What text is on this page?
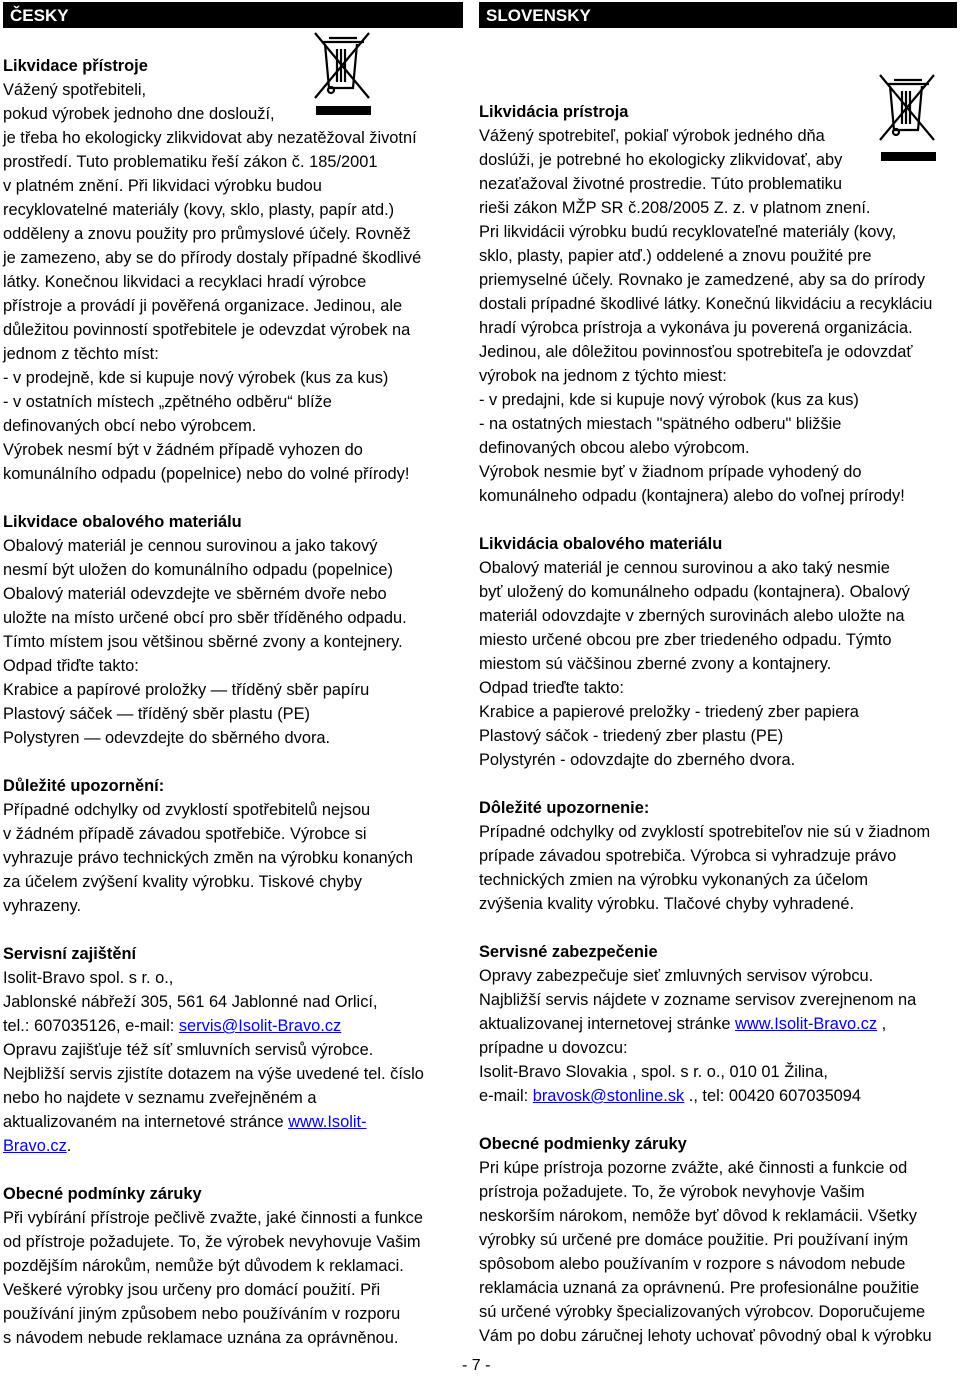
ČESKY
Likvidace přístroje
Vážený spotřebiteli,
pokud výrobek jednoho dne doslouží,
je třeba ho ekologicky zlikvidovat aby nezatěžoval životní
prostředí. Tuto problematiku řeší zákon č. 185/2001
v platném znění. Při likvidaci výrobku budou
recyklovatelné materiály (kovy, sklo, plasty, papír atd.)
odděleny a znovu použity pro průmyslové účely. Rovněž
je zamezeno, aby se do přírody dostaly případné škodlivé
látky. Konečnou likvidaci a recyklaci hradí výrobce
přístroje a provádí ji pověřená organizace. Jedinou, ale
důležitou povinností spotřebitele je odevzdat výrobek na
jednom z těchto míst:
- v prodejně, kde si kupuje nový výrobek (kus za kus)
- v ostatních místech „zpětného odběru“ blíže
definovaných obcí nebo výrobcem.
Výrobek nesmí být v žádném případě vyhozen do
komunálního odpadu (popelnice) nebo do volné přírody!
Likvidace obalového materiálu
Obalový materiál je cennou surovinou a jako takový
nesmí být uložen do komunálního odpadu (popelnice)
Obalový materiál odevzdejte ve sběrném dvoře nebo
uložte na místo určené obcí pro sběr tříděného odpadu.
Tímto místem jsou většinou sběrné zvony a kontejnery.
Odpad třiďte takto:
Krabice a papírové proložky — tříděný sběr papíru
Plastový sáček — tříděný sběr plastu (PE)
Polystyren — odevzdejte do sběrného dvora.
Důležité upozornění:
Případné odchylky od zvyklostí spotřebitelů nejsou
v žádném případě závadou spotřebiče. Výrobce si
vyhrazuje právo technických změn na výrobku konaných
za účelem zvýšení kvality výrobku. Tiskové chyby
vyhrazeny.
Servisní zajištění
Isolit-Bravo spol. s r. o.,
Jablonské nábřeží 305, 561 64 Jablonné nad Orlicí,
tel.: 607035126, e-mail: servis@Isolit-Bravo.cz
Opravu zajišťuje též síť smluvních servisů výrobce.
Nejbližší servis zjistíte dotazem na výše uvedené tel. číslo
nebo ho najdete v seznamu zveřejněném a
aktualizovaném na internetové stránce www.Isolit-
Bravo.cz.
Obecné podmínky záruky
Při vybírání přístroje pečlivě zvažte, jaké činnosti a funkce
od přístroje požadujete. To, že výrobek nevyhovuje Vašim
pozdějším nárokům, nemůže být důvodem k reklamaci.
Veškeré výrobky jsou určeny pro domácí použití. Při
používání jiným způsobem nebo používáním v rozporu
s návodem nebude reklamace uznána za oprávněnou.
SLOVENSKY
Likvidácia prístroja
Vážený spotrebiteľ, pokiaľ výrobok jedného dňa
doslúži, je potrebné ho ekologicky zlikvidovať, aby
nezaťažoval životné prostredie. Túto problematiku
rieši zákon MŽP SR č.208/2005 Z. z. v platnom znení.
Pri likvidácii výrobku budú recyklovateľné materiály (kovy,
sklo, plasty, papier atď.) oddelené a znovu použité pre
priemyselné účely. Rovnako je zamedzené, aby sa do prírody
dostali prípadné škodlivé látky. Konečnú likvidáciu a recykláciu
hradí výrobca prístroja a vykonáva ju poverená organizácia.
Jedinou, ale dôležitou povinnosťou spotrebiteľa je odovzdať
výrobok na jednom z týchto miest:
- v predajni, kde si kupuje nový výrobok (kus za kus)
- na ostatných miestach "spätného odberu" bližšie
definovaných obcou alebo výrobcom.
Výrobok nesmie byť v žiadnom prípade vyhodený do
komunálneho odpadu (kontajnera) alebo do voľnej prírody!
Likvidácia obalového materiálu
Obalový materiál je cennou surovinou a ako taký nesmie
byť uložený do komunálneho odpadu (kontajnera). Obalový
materiál odovzdajte v zberných surovinách alebo uložte na
miesto určené obcou pre zber triedeného odpadu. Týmto
miestom sú väčšinou zberné zvony a kontajnery.
Odpad trieďte takto:
Krabice a papierové preložky - triedený zber papiera
Plastový sáčok - triedený zber plastu (PE)
Polystyrén - odovzdajte do zberného dvora.
Dôležité upozornenie:
Prípadné odchylky od zvyklostí spotrebiteľov nie sú v žiadnom
prípade závadou spotrebiča. Výrobca si vyhradzuje právo
technických zmien na výrobku vykonaných za účelom
zvýšenia kvality výrobku. Tlačové chyby vyhradené.
Servisné zabezpečenie
Opravy zabezpečuje sieť zmluvných servisov výrobcu.
Najbližší servis nájdete v zozname servisov zverejnenom na
aktualizovanej internetovej stránke www.Isolit-Bravo.cz ,
prípadne u dovozcu:
Isolit-Bravo Slovakia , spol. s r. o., 010 01 Žilina,
e-mail: bravosk@stonline.sk ., tel: 00420 607035094
Obecné podmienky záruky
Pri kúpe prístroja pozorne zvážte, aké činnosti a funkcie od
prístroja požadujete. To, že výrobok nevyhovje Vašim
neskorším nárokom, nemôže byť dôvod k reklamácii. Všetky
výrobky sú určené pre domáce použitie. Pri používaní iným
spôsobom alebo používaním v rozpore s návodom nebude
reklamácia uznaná za oprávnenú. Pre profesionálne použitie
sú určené výrobky špecializovaných výrobcov. Doporučujeme
Vám po dobu záručnej lehoty uchovať pôvodný obal k výrobku
- 7 -
